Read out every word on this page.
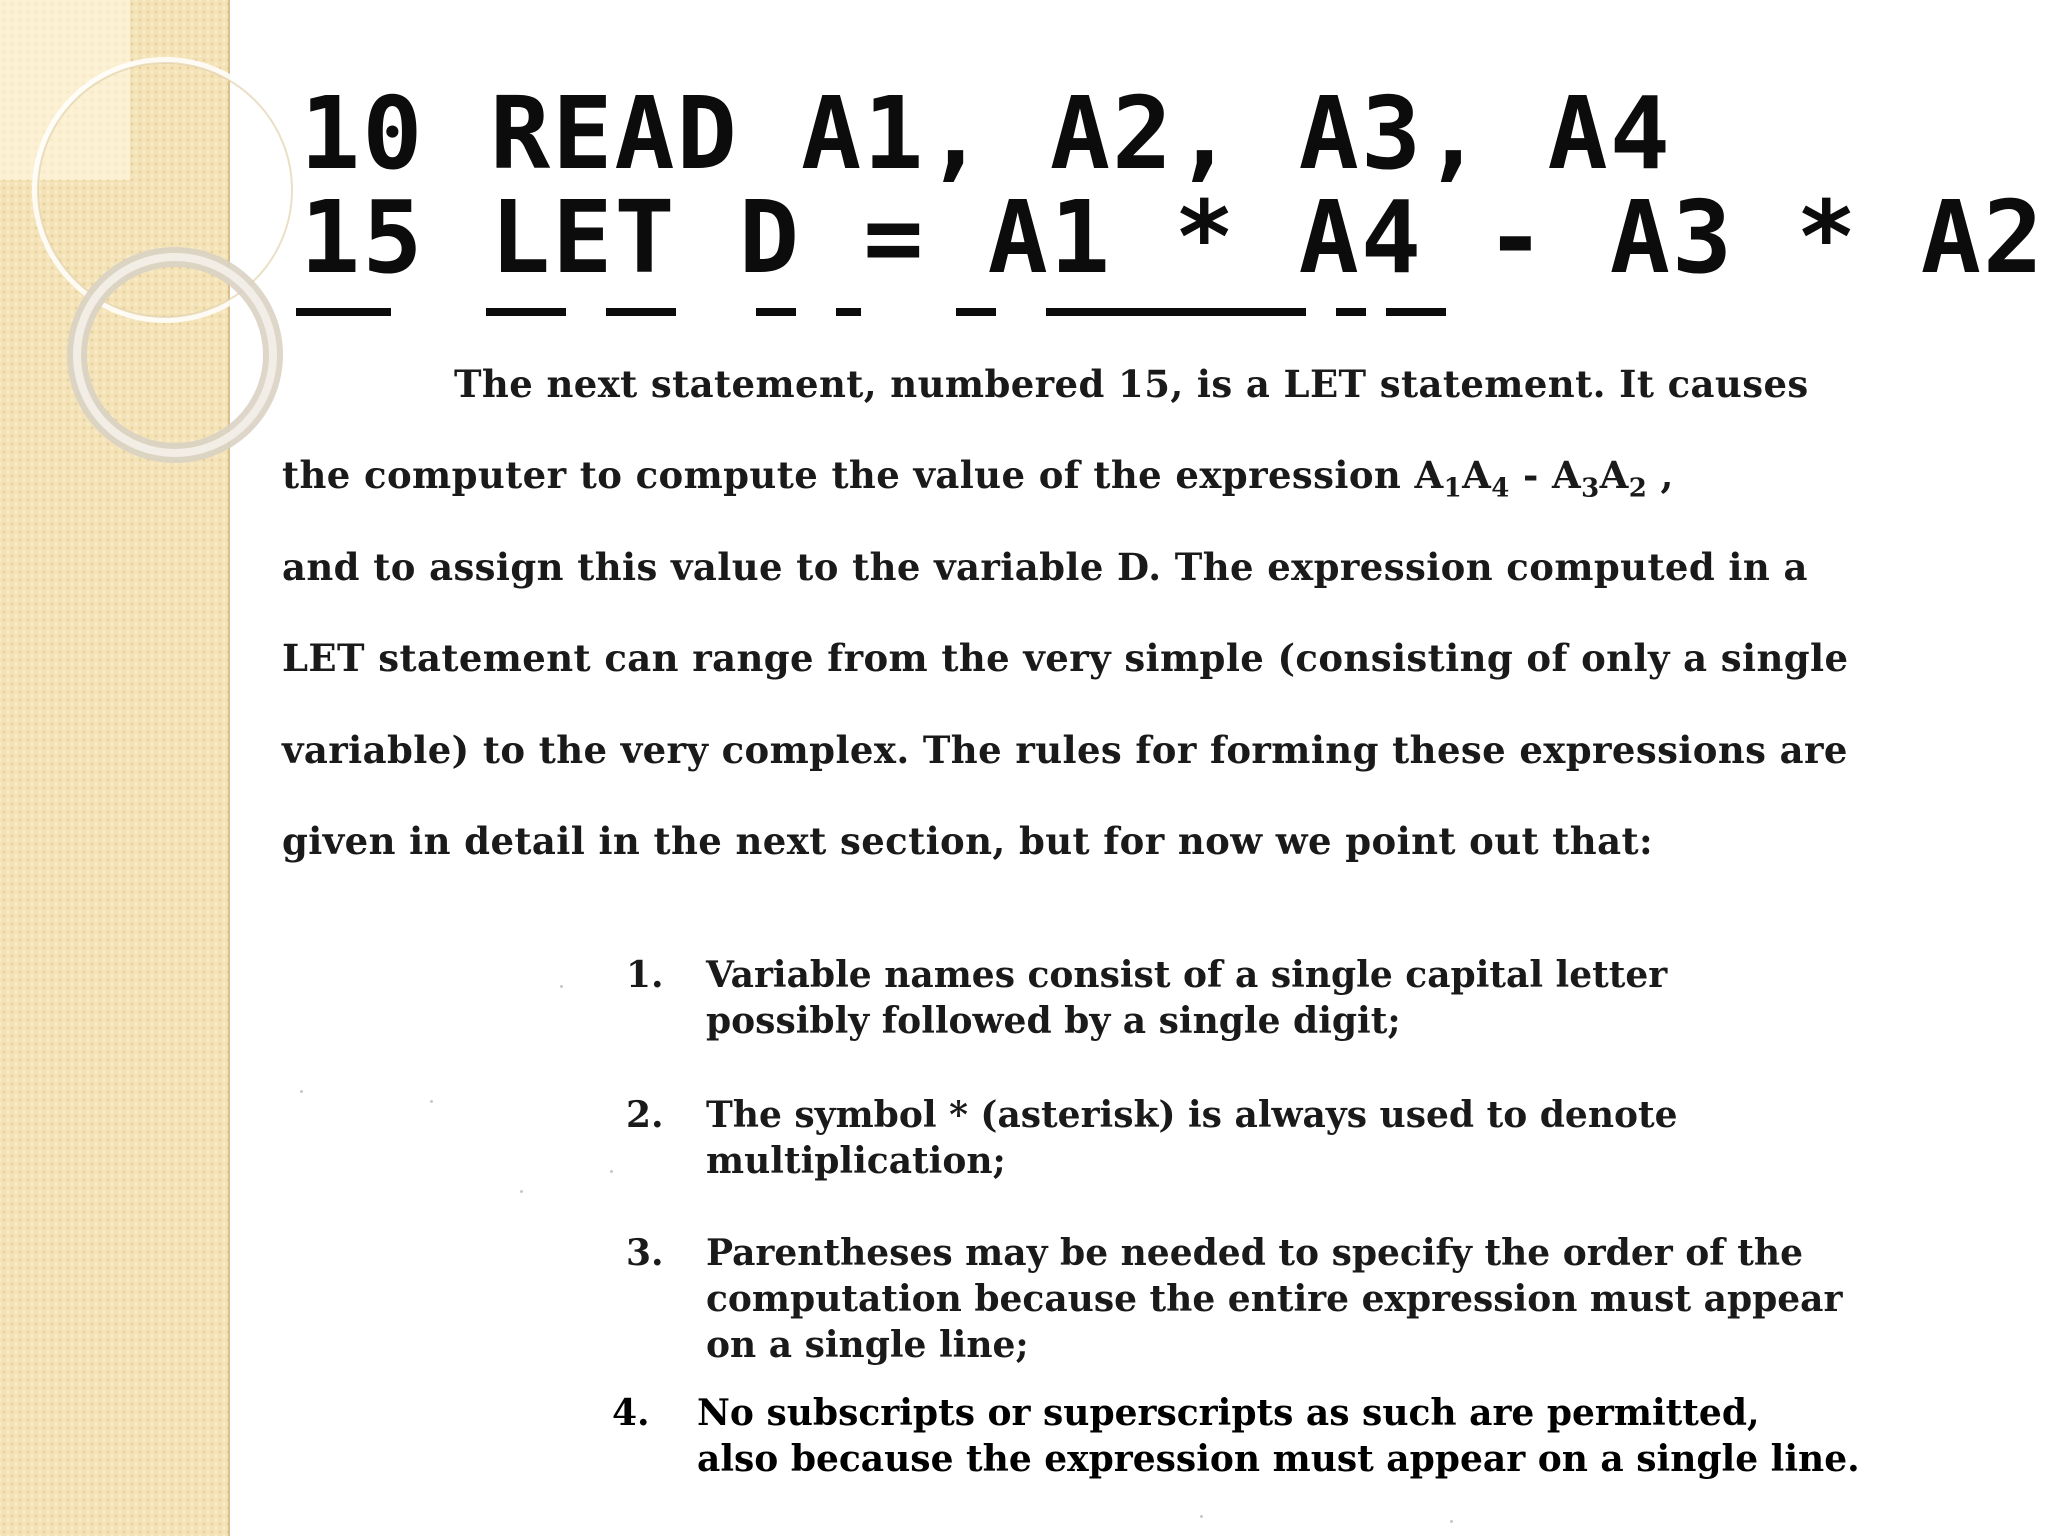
10 READ A1, A2, A3, A4
15 LET D = A1 * A4 - A3 * A2
The next statement, numbered 15, is a LET statement. It causes
the computer to compute the value of the expression $A_1A_4 - A_3A_2$ ,
and to assign this value to the variable D. The expression computed in a
LET statement can range from the very simple (consisting of only a single
variable) to the very complex. The rules for forming these expressions are
given in detail in the next section, but for now we point out that:
1. Variable names consist of a single capital letter
possibly followed by a single digit;
2. The symbol * (asterisk) is always used to denote
multiplication;
3. Parentheses may be needed to specify the order of the
computation because the entire expression must appear
on a single line;
4. No subscripts or superscripts as such are permitted,
also because the expression must appear on a single line.
